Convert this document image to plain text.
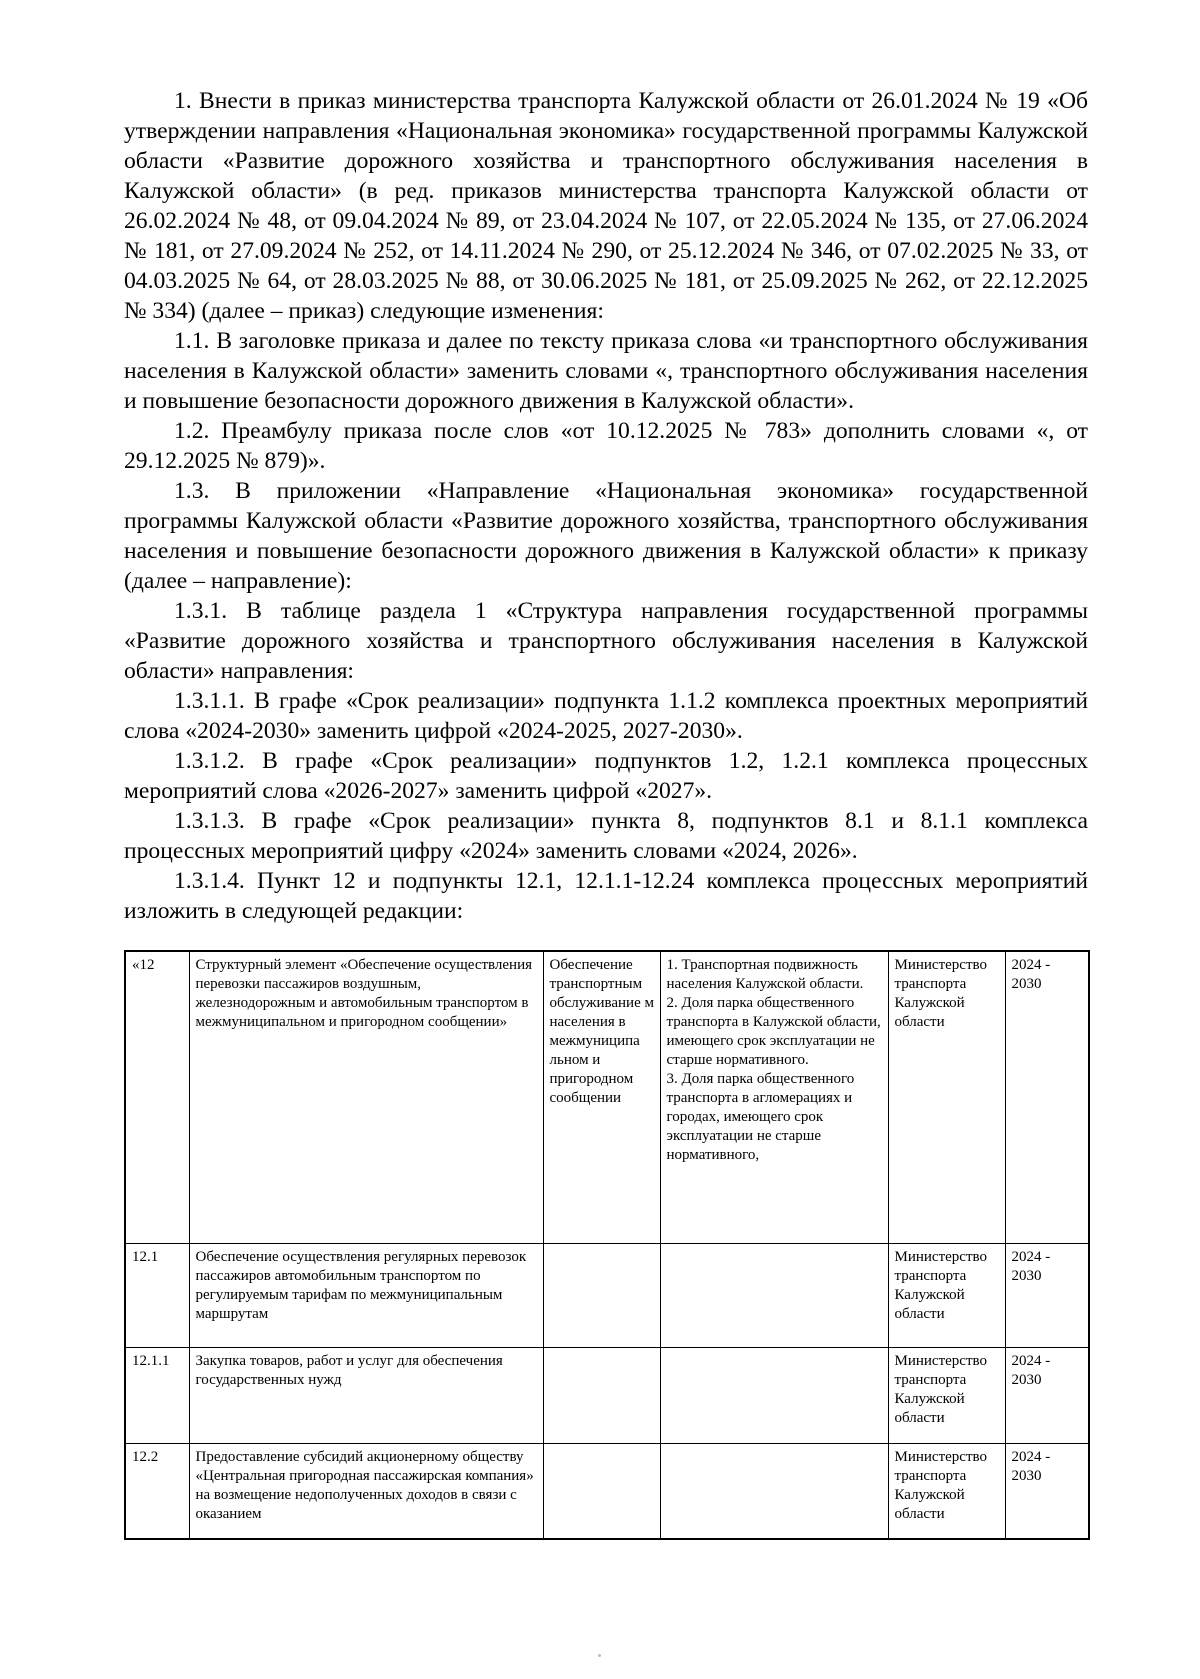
1. Внести в приказ министерства транспорта Калужской области от 26.01.2024 № 19 «Об утверждении направления «Национальная экономика» государственной программы Калужской области «Развитие дорожного хозяйства и транспортного обслуживания населения в Калужской области» (в ред. приказов министерства транспорта Калужской области от 26.02.2024 № 48, от 09.04.2024 № 89, от 23.04.2024 № 107, от 22.05.2024 № 135, от 27.06.2024 № 181, от 27.09.2024 № 252, от 14.11.2024 № 290, от 25.12.2024 № 346, от 07.02.2025 № 33, от 04.03.2025 № 64, от 28.03.2025 № 88, от 30.06.2025 № 181, от 25.09.2025 № 262, от 22.12.2025 № 334) (далее – приказ) следующие изменения:

1.1. В заголовке приказа и далее по тексту приказа слова «и транспортного обслуживания населения в Калужской области» заменить словами «, транспортного обслуживания населения и повышение безопасности дорожного движения в Калужской области».

1.2. Преамбулу приказа после слов «от 10.12.2025 № 783» дополнить словами «, от 29.12.2025 № 879)».

1.3. В приложении «Направление «Национальная экономика» государственной программы Калужской области «Развитие дорожного хозяйства, транспортного обслуживания населения и повышение безопасности дорожного движения в Калужской области» к приказу (далее – направление):

1.3.1. В таблице раздела 1 «Структура направления государственной программы «Развитие дорожного хозяйства и транспортного обслуживания населения в Калужской области» направления:

1.3.1.1. В графе «Срок реализации» подпункта 1.1.2 комплекса проектных мероприятий слова «2024-2030» заменить цифрой «2024-2025, 2027-2030».

1.3.1.2. В графе «Срок реализации» подпунктов 1.2, 1.2.1 комплекса процессных мероприятий слова «2026-2027» заменить цифрой «2027».

1.3.1.3. В графе «Срок реализации» пункта 8, подпунктов 8.1 и 8.1.1 комплекса процессных мероприятий цифру «2024» заменить словами «2024, 2026».

1.3.1.4. Пункт 12 и подпункты 12.1, 12.1.1-12.24 комплекса процессных мероприятий изложить в следующей редакции:

«12	Структурный элемент «Обеспечение осуществления перевозки пассажиров воздушным, железнодорожным и автомобильным транспортом в межмуниципальном и пригородном сообщении»	Обеспечение транспортным обслуживание м населения в межмуниципа льном и пригородном сообщении	1. Транспортная подвижность населения Калужской области.
2. Доля парка общественного транспорта в Калужской области, имеющего срок эксплуатации не старше нормативного.
3. Доля парка общественного транспорта в агломерациях и городах, имеющего срок эксплуатации не старше нормативного,	Министерство транспорта Калужской области	2024 - 2030
12.1	Обеспечение осуществления регулярных перевозок пассажиров автомобильным транспортом по регулируемым тарифам по межмуниципальным маршрутам			Министерство транспорта Калужской области	2024 - 2030
12.1.1	Закупка товаров, работ и услуг для обеспечения государственных нужд			Министерство транспорта Калужской области	2024 - 2030
12.2	Предоставление субсидий акционерному обществу «Центральная пригородная пассажирская компания» на возмещение недополученных доходов в связи с оказанием			Министерство транспорта Калужской области	2024 - 2030
